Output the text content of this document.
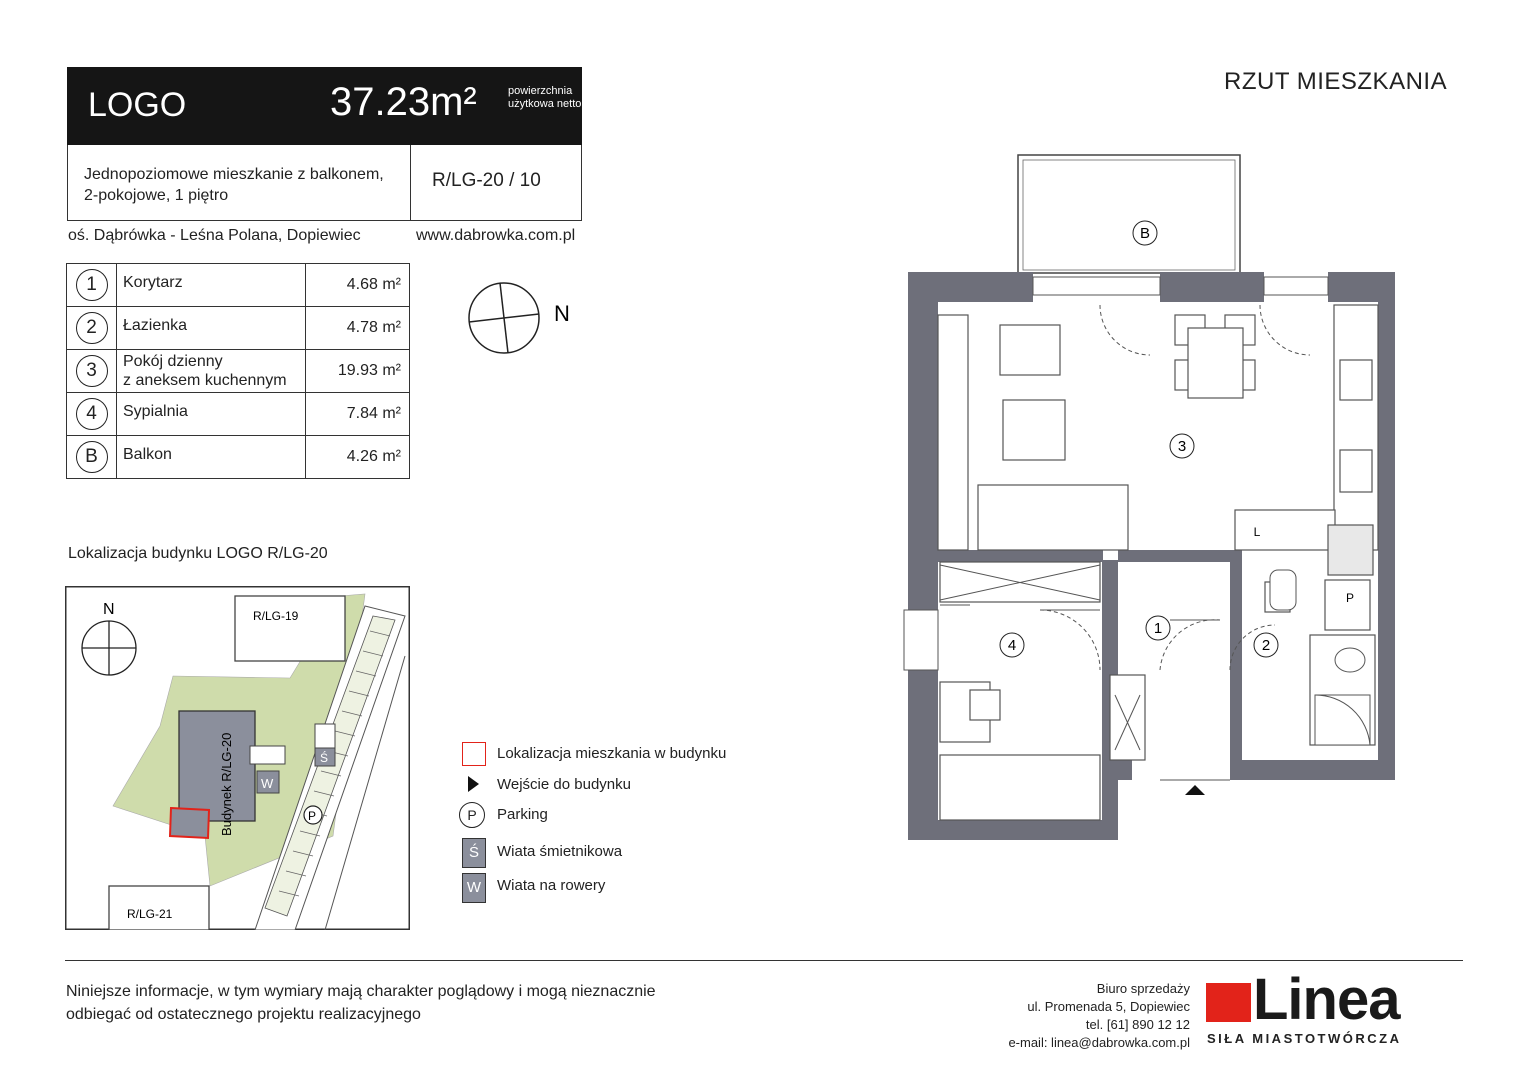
LOGO	37.23m²	powierzchnia użytkowa netto
Jednopoziomowe mieszkanie z balkonem,
2-pokojowe, 1 piętro
R/LG-20 / 10
oś. Dąbrówka - Leśna Polana, Dopiewiec	www.dabrowka.com.pl
RZUT MIESZKANIA
1	Korytarz	4.68 m²
2	Łazienka	4.78 m²
3	Pokój dzienny
z aneksem kuchennym	19.93 m²
4	Sypialnia	7.84 m²
B	Balkon	4.26 m²
N
Lokalizacja budynku LOGO R/LG-20
N	R/LG-19
Budynek R/LG-20
R/LG-21
W
Ś
P
Lokalizacja mieszkania w budynku
Wejście do budynku
P	Parking
Ś	Wiata śmietnikowa
W	Wiata na rowery
B
3
1
2
4
L
P
Niniejsze informacje, w tym wymiary mają charakter poglądowy i mogą nieznacznie
odbiegać od ostatecznego projektu realizacyjnego
Biuro sprzedaży
ul. Promenada 5, Dopiewiec
tel. [61] 890 12 12
e-mail: linea@dabrowka.com.pl
Linea
SIŁA MIASTOTWÓRCZA
